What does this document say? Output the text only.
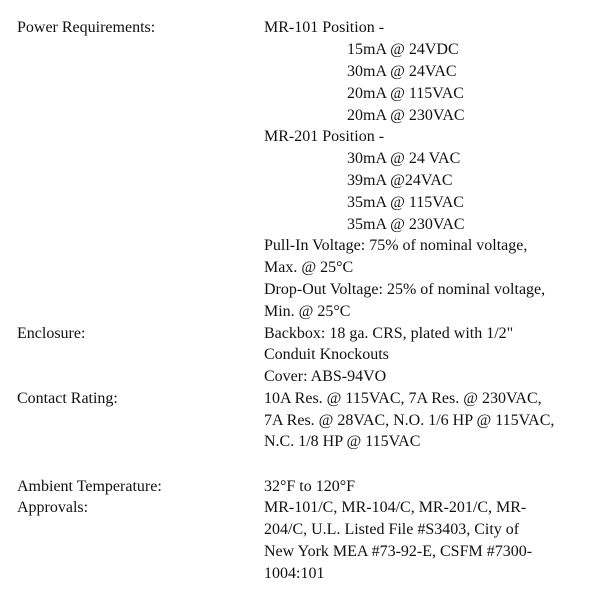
Power Requirements:	MR-101 Position -
15mA @ 24VDC
30mA @ 24VAC
20mA @ 115VAC
20mA @ 230VAC
MR-201 Position -
30mA @ 24 VAC
39mA @24VAC
35mA @ 115VAC
35mA @ 230VAC
Pull-In Voltage: 75% of nominal voltage,
Max. @ 25°C
Drop-Out Voltage: 25% of nominal voltage,
Min. @ 25°C
Enclosure:	Backbox: 18 ga. CRS, plated with 1/2"
Conduit Knockouts
Cover: ABS-94VO
Contact Rating:	10A Res. @ 115VAC, 7A Res. @ 230VAC,
7A Res. @ 28VAC, N.O. 1/6 HP @ 115VAC,
N.C. 1/8 HP @ 115VAC
Ambient Temperature:	32°F to 120°F
Approvals:	MR-101/C, MR-104/C, MR-201/C, MR-
204/C, U.L. Listed File #S3403, City of
New York MEA #73-92-E, CSFM #7300-
1004:101
